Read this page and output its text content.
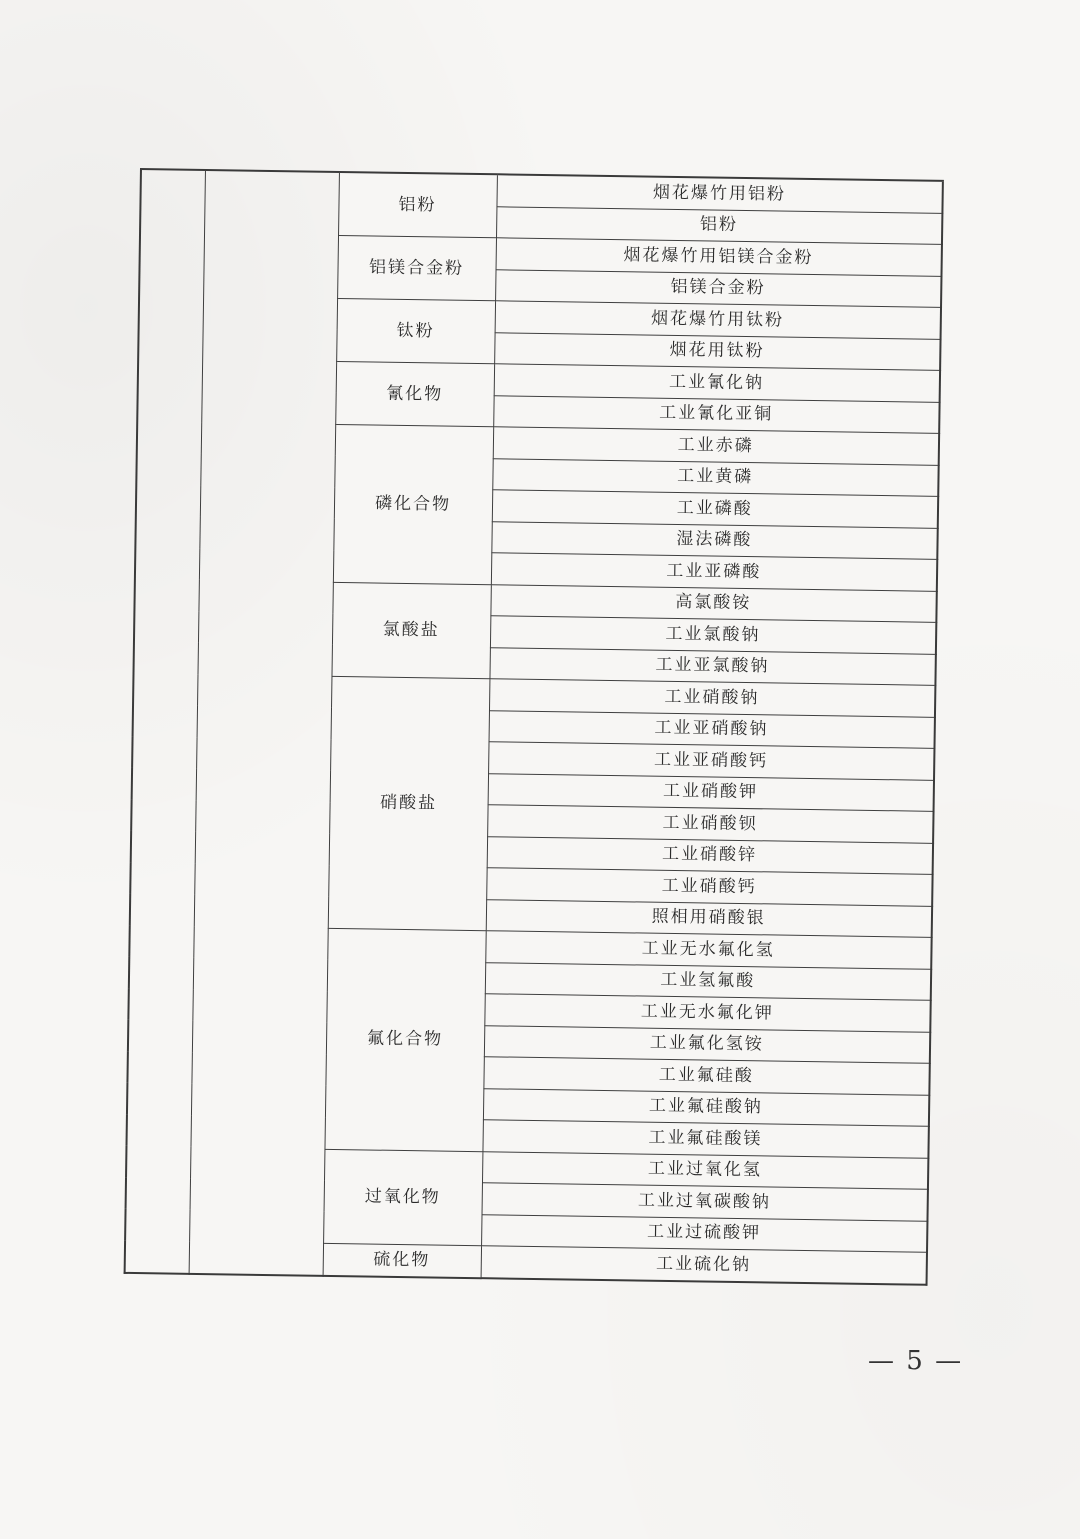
		铝粉	烟花爆竹用铝粉
			铝粉
		铝镁合金粉	烟花爆竹用铝镁合金粉
			铝镁合金粉
		钛粉	烟花爆竹用钛粉
			烟花用钛粉
		氰化物	工业氰化钠
			工业氰化亚铜
		磷化合物	工业赤磷
			工业黄磷
			工业磷酸
			湿法磷酸
			工业亚磷酸
		氯酸盐	高氯酸铵
			工业氯酸钠
			工业亚氯酸钠
		硝酸盐	工业硝酸钠
			工业亚硝酸钠
			工业亚硝酸钙
			工业硝酸钾
			工业硝酸钡
			工业硝酸锌
			工业硝酸钙
			照相用硝酸银
		氟化合物	工业无水氟化氢
			工业氢氟酸
			工业无水氟化钾
			工业氟化氢铵
			工业氟硅酸
			工业氟硅酸钠
			工业氟硅酸镁
		过氧化物	工业过氧化氢
			工业过氧碳酸钠
			工业过硫酸钾
		硫化物	工业硫化钠
— 5 —
